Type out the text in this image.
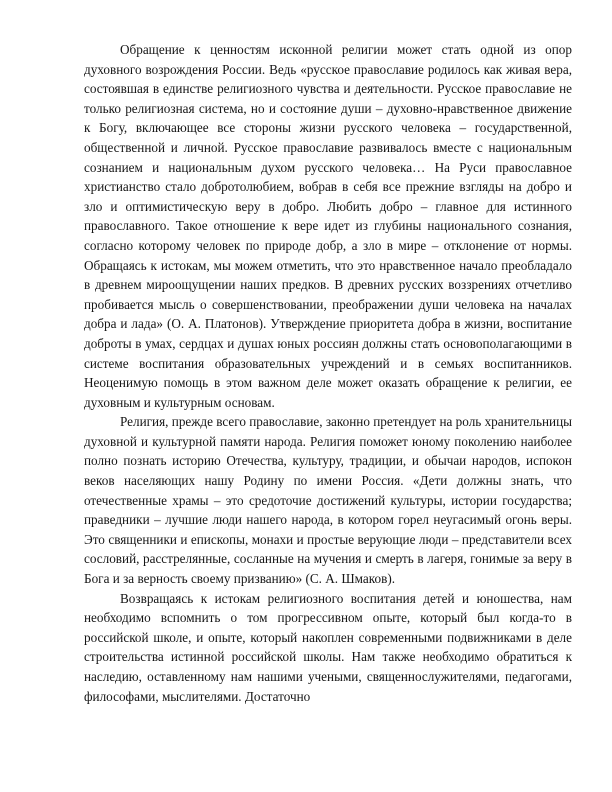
Обращение к ценностям исконной религии может стать одной из опор духовного возрождения России. Ведь «русское православие родилось как живая вера, состоявшая в единстве религиозного чувства и деятельности. Русское православие не только религиозная система, но и состояние души – духовно-нравственное движение к Богу, включающее все стороны жизни русского человека – государственной, общественной и личной. Русское православие развивалось вместе с национальным сознанием и национальным духом русского человека… На Руси православное христианство стало добротолюбием, вобрав в себя все прежние взгляды на добро и зло и оптимистическую веру в добро. Любить добро – главное для истинного православного. Такое отношение к вере идет из глубины национального сознания, согласно которому человек по природе добр, а зло в мире – отклонение от нормы. Обращаясь к истокам, мы можем отметить, что это нравственное начало преобладало в древнем мироощущении наших предков. В древних русских воззрениях отчетливо пробивается мысль о совершенствовании, преображении души человека на началах добра и лада» (О. А. Платонов). Утверждение приоритета добра в жизни, воспитание доброты в умах, сердцах и душах юных россиян должны стать основополагающими в системе воспитания образовательных учреждений и в семьях воспитанников. Неоценимую помощь в этом важном деле может оказать обращение к религии, ее духовным и культурным основам.

Религия, прежде всего православие, законно претендует на роль хранительницы духовной и культурной памяти народа. Религия поможет юному поколению наиболее полно познать историю Отечества, культуру, традиции, и обычаи народов, испокон веков населяющих нашу Родину по имени Россия. «Дети должны знать, что отечественные храмы – это средоточие достижений культуры, истории государства; праведники – лучшие люди нашего народа, в котором горел неугасимый огонь веры. Это священники и епископы, монахи и простые верующие люди – представители всех сословий, расстрелянные, сосланные на мучения и смерть в лагеря, гонимые за веру в Бога и за верность своему призванию» (С. А. Шмаков).

Возвращаясь к истокам религиозного воспитания детей и юношества, нам необходимо вспомнить о том прогрессивном опыте, который был когда-то в российской школе, и опыте, который накоплен современными подвижниками в деле строительства истинной российской школы. Нам также необходимо обратиться к наследию, оставленному нам нашими учеными, священнослужителями, педагогами, философами, мыслителями. Достаточно
